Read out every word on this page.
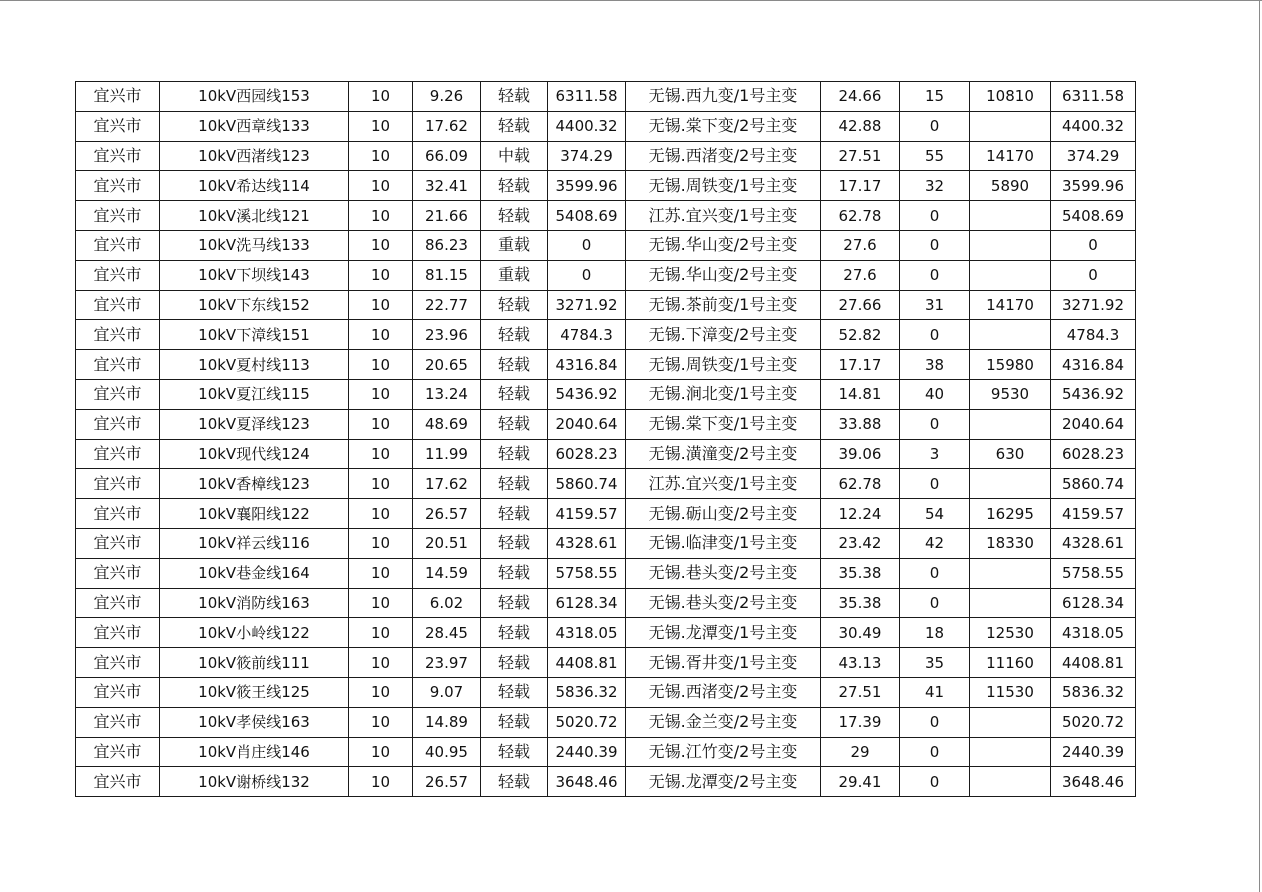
宜兴市	10kV西园线153	10	9.26	轻载	6311.58	无锡.西九变/1号主变	24.66	15	10810	6311.58
宜兴市	10kV西章线133	10	17.62	轻载	4400.32	无锡.棠下变/2号主变	42.88	0		4400.32
宜兴市	10kV西渚线123	10	66.09	中载	374.29	无锡.西渚变/2号主变	27.51	55	14170	374.29
宜兴市	10kV希达线114	10	32.41	轻载	3599.96	无锡.周铁变/1号主变	17.17	32	5890	3599.96
宜兴市	10kV溪北线121	10	21.66	轻载	5408.69	江苏.宜兴变/1号主变	62.78	0		5408.69
宜兴市	10kV洗马线133	10	86.23	重载	0	无锡.华山变/2号主变	27.6	0		0
宜兴市	10kV下坝线143	10	81.15	重载	0	无锡.华山变/2号主变	27.6	0		0
宜兴市	10kV下东线152	10	22.77	轻载	3271.92	无锡.茶前变/1号主变	27.66	31	14170	3271.92
宜兴市	10kV下漳线151	10	23.96	轻载	4784.3	无锡.下漳变/2号主变	52.82	0		4784.3
宜兴市	10kV夏村线113	10	20.65	轻载	4316.84	无锡.周铁变/1号主变	17.17	38	15980	4316.84
宜兴市	10kV夏江线115	10	13.24	轻载	5436.92	无锡.涧北变/1号主变	14.81	40	9530	5436.92
宜兴市	10kV夏泽线123	10	48.69	轻载	2040.64	无锡.棠下变/1号主变	33.88	0		2040.64
宜兴市	10kV现代线124	10	11.99	轻载	6028.23	无锡.潢潼变/2号主变	39.06	3	630	6028.23
宜兴市	10kV香樟线123	10	17.62	轻载	5860.74	江苏.宜兴变/1号主变	62.78	0		5860.74
宜兴市	10kV襄阳线122	10	26.57	轻载	4159.57	无锡.砺山变/2号主变	12.24	54	16295	4159.57
宜兴市	10kV祥云线116	10	20.51	轻载	4328.61	无锡.临津变/1号主变	23.42	42	18330	4328.61
宜兴市	10kV巷金线164	10	14.59	轻载	5758.55	无锡.巷头变/2号主变	35.38	0		5758.55
宜兴市	10kV消防线163	10	6.02	轻载	6128.34	无锡.巷头变/2号主变	35.38	0		6128.34
宜兴市	10kV小岭线122	10	28.45	轻载	4318.05	无锡.龙潭变/1号主变	30.49	18	12530	4318.05
宜兴市	10kV筱前线111	10	23.97	轻载	4408.81	无锡.胥井变/1号主变	43.13	35	11160	4408.81
宜兴市	10kV筱王线125	10	9.07	轻载	5836.32	无锡.西渚变/2号主变	27.51	41	11530	5836.32
宜兴市	10kV孝侯线163	10	14.89	轻载	5020.72	无锡.金兰变/2号主变	17.39	0		5020.72
宜兴市	10kV肖庄线146	10	40.95	轻载	2440.39	无锡.江竹变/2号主变	29	0		2440.39
宜兴市	10kV谢桥线132	10	26.57	轻载	3648.46	无锡.龙潭变/2号主变	29.41	0		3648.46
